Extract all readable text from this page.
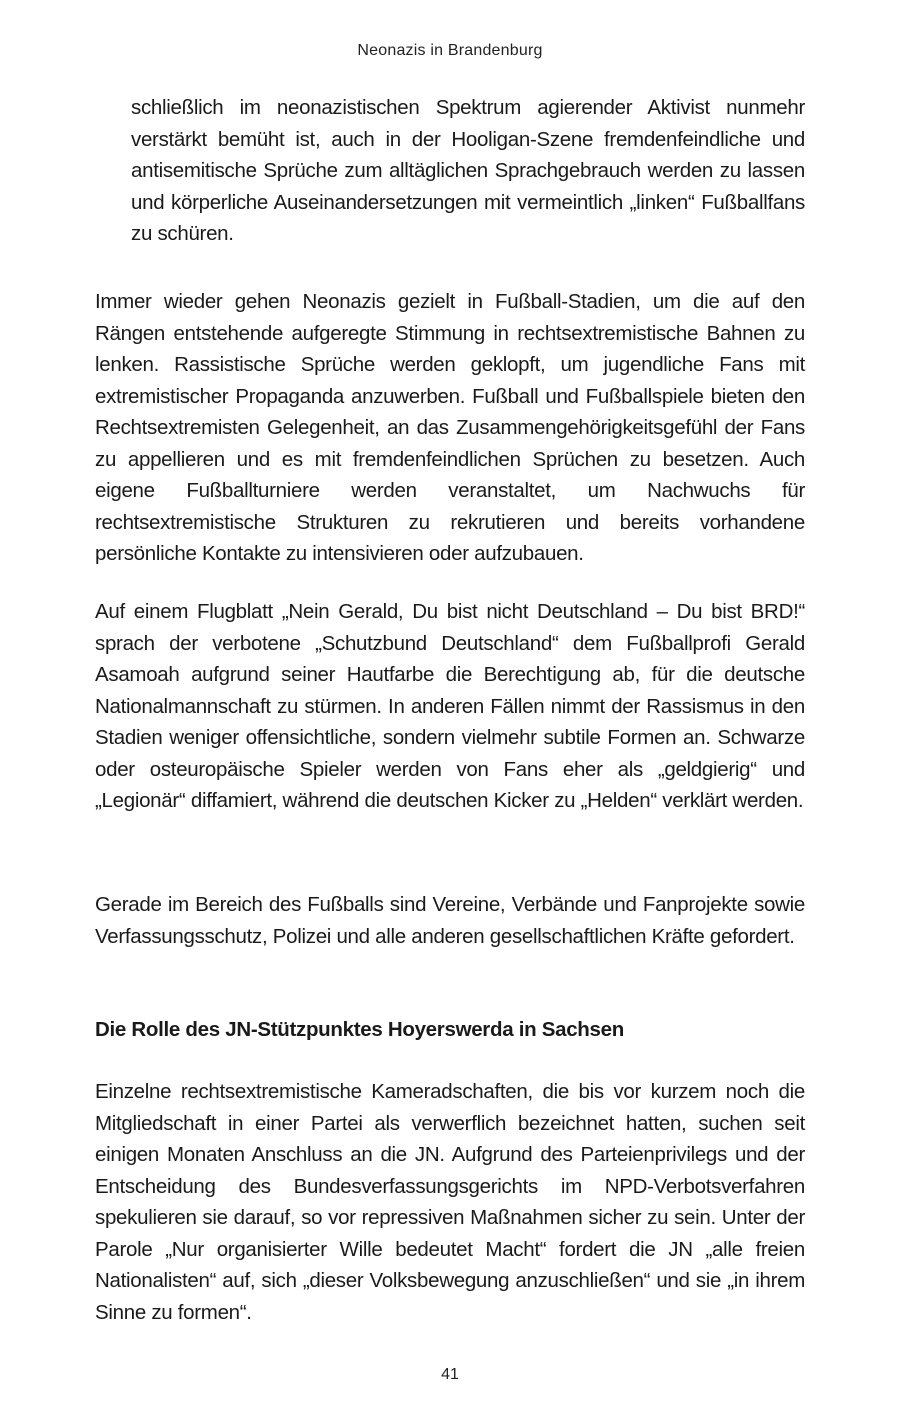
Neonazis in Brandenburg

schließlich im neonazistischen Spektrum agierender Aktivist nunmehr verstärkt bemüht ist, auch in der Hooligan-Szene fremdenfeindliche und antisemitische Sprüche zum alltäglichen Sprachgebrauch werden zu lassen und körperliche Auseinandersetzungen mit vermeintlich „linken“ Fußballfans zu schüren.

Immer wieder gehen Neonazis gezielt in Fußball-Stadien, um die auf den Rängen entstehende aufgeregte Stimmung in rechtsextremistische Bahnen zu lenken. Rassistische Sprüche werden geklopft, um jugendliche Fans mit extremistischer Propaganda anzuwerben. Fußball und Fußballspiele bieten den Rechtsextremisten Gelegenheit, an das Zusammengehörigkeitsgefühl der Fans zu appellieren und es mit fremdenfeindlichen Sprüchen zu besetzen. Auch eigene Fußballturniere werden veranstaltet, um Nachwuchs für rechtsextremistische Strukturen zu rekrutieren und bereits vorhandene persönliche Kontakte zu intensivieren oder aufzubauen.

Auf einem Flugblatt „Nein Gerald, Du bist nicht Deutschland – Du bist BRD!“ sprach der verbotene „Schutzbund Deutschland“ dem Fußballprofi Gerald Asamoah aufgrund seiner Hautfarbe die Berechtigung ab, für die deutsche Nationalmannschaft zu stürmen. In anderen Fällen nimmt der Rassismus in den Stadien weniger offensichtliche, sondern vielmehr subtile Formen an. Schwarze oder osteuropäische Spieler werden von Fans eher als „geldgierig“ und „Legionär“ diffamiert, während die deutschen Kicker zu „Helden“ verklärt werden.

Gerade im Bereich des Fußballs sind Vereine, Verbände und Fanprojekte sowie Verfassungsschutz, Polizei und alle anderen gesellschaftlichen Kräfte gefordert.

Die Rolle des JN-Stützpunktes Hoyerswerda in Sachsen

Einzelne rechtsextremistische Kameradschaften, die bis vor kurzem noch die Mitgliedschaft in einer Partei als verwerflich bezeichnet hatten, suchen seit einigen Monaten Anschluss an die JN. Aufgrund des Parteienprivilegs und der Entscheidung des Bundesverfassungsgerichts im NPD-Verbotsverfahren spekulieren sie darauf, so vor repressiven Maßnahmen sicher zu sein. Unter der Parole „Nur organisierter Wille bedeutet Macht“ fordert die JN „alle freien Nationalisten“ auf, sich „dieser Volksbewegung anzuschließen“ und sie „in ihrem Sinne zu formen“.

41
